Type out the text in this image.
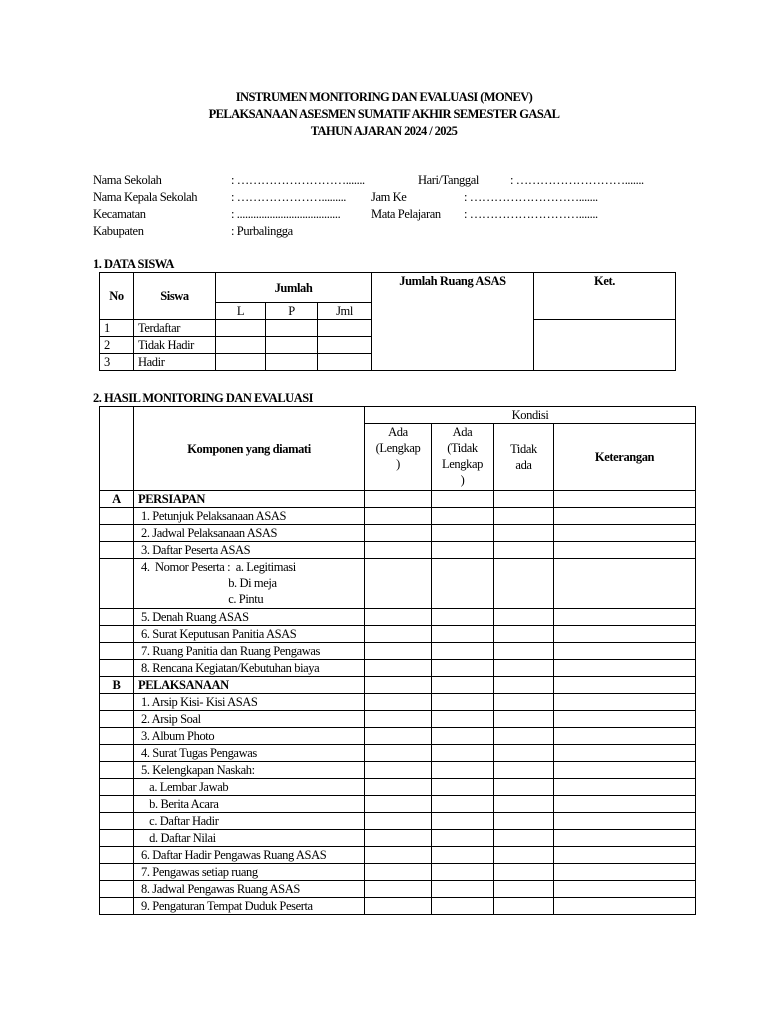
INSTRUMEN MONITORING DAN EVALUASI (MONEV)
PELAKSANAAN ASESMEN SUMATIF AKHIR SEMESTER GASAL
TAHUN AJARAN 2024 / 2025
Nama Sekolah	: ……………………….......
Nama Kepala Sekolah	: ………………….........
Kecamatan	: ......................................
Kabupaten	: Purbalingga
Hari/Tanggal : ……………………….......
Jam Ke	: ……………………….......
Mata Pelajaran : ……………………….......
1. DATA SISWA
No	Siswa	Jumlah			Jumlah Ruang ASAS	Ket.
		L	P	Jml		
1	Terdaftar					
2	Tidak Hadir					
3	Hadir					
2. HASIL MONITORING DAN EVALUASI
	Komponen yang diamati	Kondisi			
		Ada
(Lengkap
)	Ada
(Tidak
Lengkap
)	Tidak
ada	Keterangan
A	PERSIAPAN				
	1. Petunjuk Pelaksanaan ASAS				
	2. Jadwal Pelaksanaan ASAS				
	3. Daftar Peserta ASAS				
	4.  Nomor Peserta :  a. Legitimasi
b. Di meja
c. Pintu				
	5. Denah Ruang ASAS				
	6. Surat Keputusan Panitia ASAS				
	7. Ruang Panitia dan Ruang Pengawas				
	8. Rencana Kegiatan/Kebutuhan biaya				
B	PELAKSANAAN				
	1. Arsip Kisi- Kisi ASAS				
	2. Arsip Soal				
	3. Album Photo				
	4. Surat Tugas Pengawas				
	5. Kelengkapan Naskah:				
	a. Lembar Jawab				
	b. Berita Acara				
	c. Daftar Hadir				
	d. Daftar Nilai				
	6. Daftar Hadir Pengawas Ruang ASAS				
	7. Pengawas setiap ruang				
	8. Jadwal Pengawas Ruang ASAS				
	9. Pengaturan Tempat Duduk Peserta				
